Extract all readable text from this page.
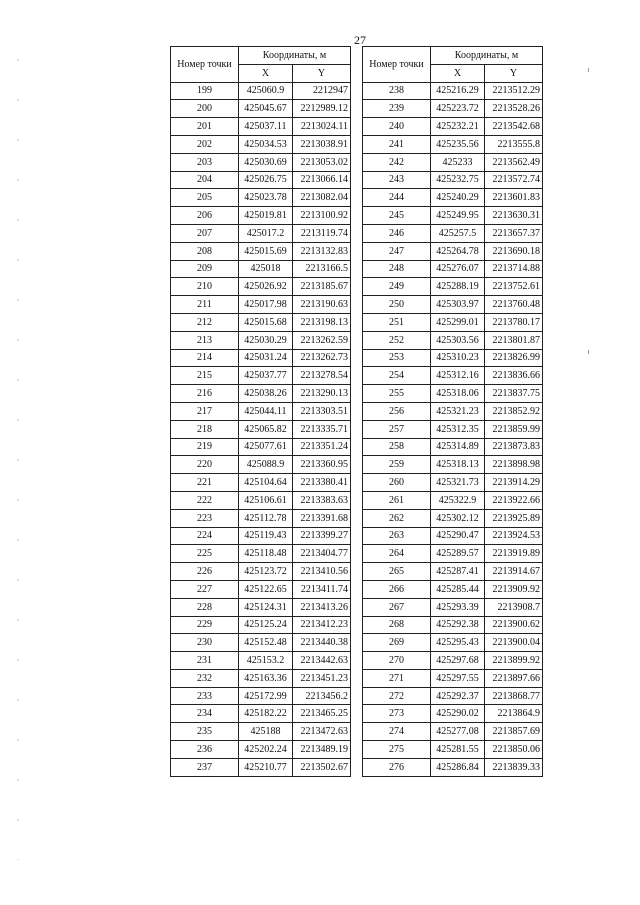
27
Номер точки	Координаты, м	
	X	Y
199	425060.9	2212947
200	425045.67	2212989.12
201	425037.11	2213024.11
202	425034.53	2213038.91
203	425030.69	2213053.02
204	425026.75	2213066.14
205	425023.78	2213082.04
206	425019.81	2213100.92
207	425017.2	2213119.74
208	425015.69	2213132.83
209	425018	2213166.5
210	425026.92	2213185.67
211	425017.98	2213190.63
212	425015.68	2213198.13
213	425030.29	2213262.59
214	425031.24	2213262.73
215	425037.77	2213278.54
216	425038.26	2213290.13
217	425044.11	2213303.51
218	425065.82	2213335.71
219	425077.61	2213351.24
220	425088.9	2213360.95
221	425104.64	2213380.41
222	425106.61	2213383.63
223	425112.78	2213391.68
224	425119.43	2213399.27
225	425118.48	2213404.77
226	425123.72	2213410.56
227	425122.65	2213411.74
228	425124.31	2213413.26
229	425125.24	2213412.23
230	425152.48	2213440.38
231	425153.2	2213442.63
232	425163.36	2213451.23
233	425172.99	2213456.2
234	425182.22	2213465.25
235	425188	2213472.63
236	425202.24	2213489.19
237	425210.77	2213502.67
Номер точки	Координаты, м	
	X	Y
238	425216.29	2213512.29
239	425223.72	2213528.26
240	425232.21	2213542.68
241	425235.56	2213555.8
242	425233	2213562.49
243	425232.75	2213572.74
244	425240.29	2213601.83
245	425249.95	2213630.31
246	425257.5	2213657.37
247	425264.78	2213690.18
248	425276.07	2213714.88
249	425288.19	2213752.61
250	425303.97	2213760.48
251	425299.01	2213780.17
252	425303.56	2213801.87
253	425310.23	2213826.99
254	425312.16	2213836.66
255	425318.06	2213837.75
256	425321.23	2213852.92
257	425312.35	2213859.99
258	425314.89	2213873.83
259	425318.13	2213898.98
260	425321.73	2213914.29
261	425322.9	2213922.66
262	425302.12	2213925.89
263	425290.47	2213924.53
264	425289.57	2213919.89
265	425287.41	2213914.67
266	425285.44	2213909.92
267	425293.39	2213908.7
268	425292.38	2213900.62
269	425295.43	2213900.04
270	425297.68	2213899.92
271	425297.55	2213897.66
272	425292.37	2213868.77
273	425290.02	2213864.9
274	425277.08	2213857.69
275	425281.55	2213850.06
276	425286.84	2213839.33
